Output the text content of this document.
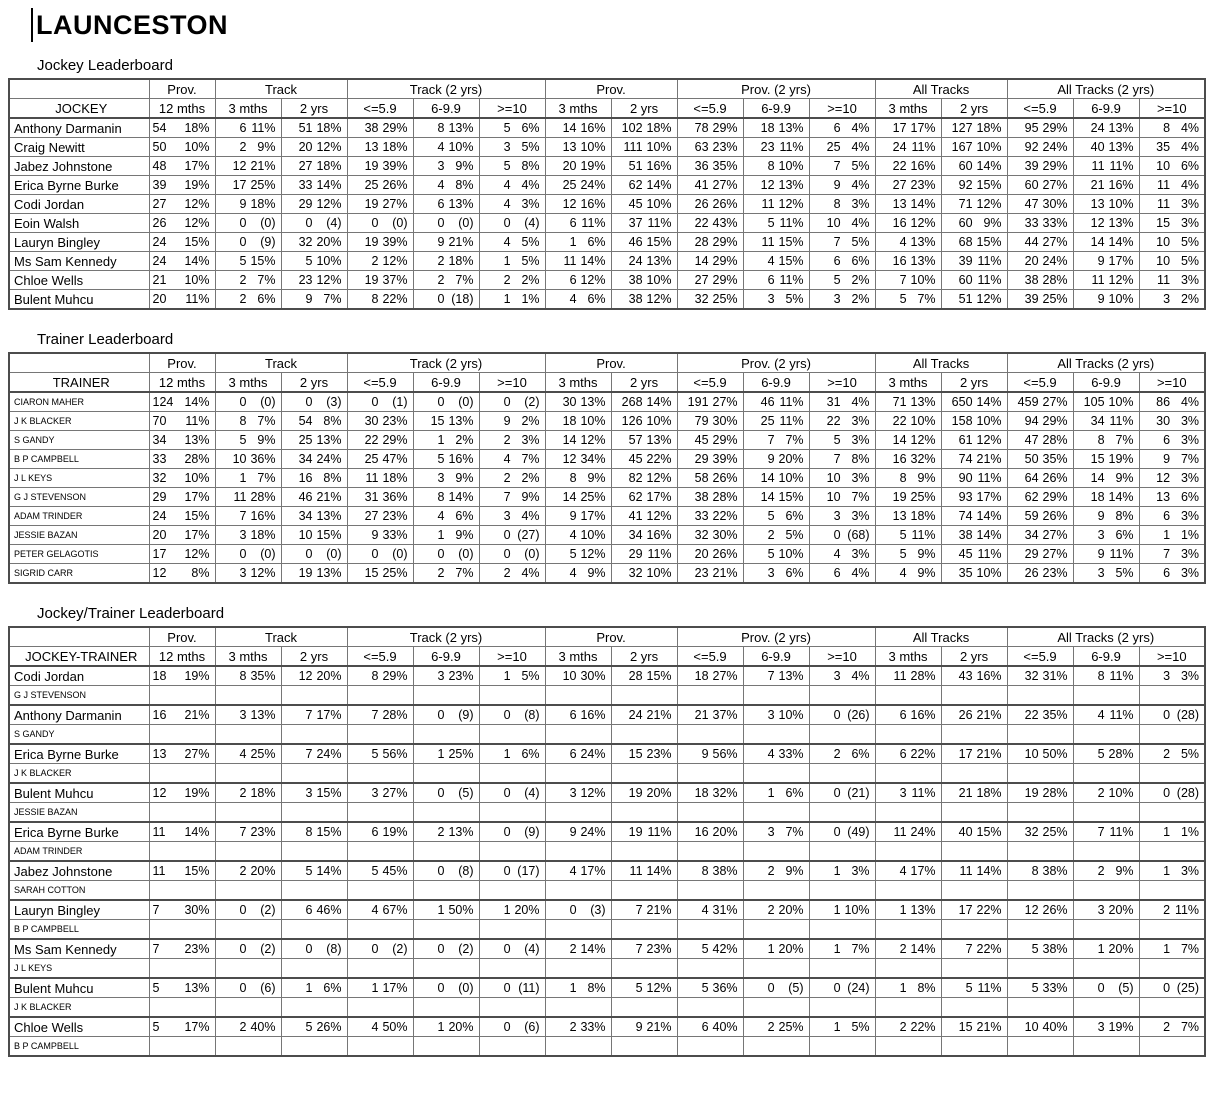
LAUNCESTON
Jockey Leaderboard
	Prov.	Track		Track (2 yrs)			Prov.		Prov. (2 yrs)			All Tracks		All Tracks (2 yrs)		
JOCKEY	12 mths	3 mths	2 yrs	<=5.9	6-9.9	>=10	3 mths	2 yrs	<=5.9	6-9.9	>=10	3 mths	2 yrs	<=5.9	6-9.9	>=10
Anthony Darmanin	54 18%	6 11%	51 18%	38 29%	8 13%	5 6%	14 16%	102 18%	78 29%	18 13%	6 4%	17 17%	127 18%	95 29%	24 13%	8 4%

Craig Newitt	50 10%	2 9%	20 12%	13 18%	4 10%	3 5%	13 10%	111 10%	63 23%	23 11%	25 4%	24 11%	167 10%	92 24%	40 13%	35 4%

Jabez Johnstone	48 17%	12 21%	27 18%	19 39%	3 9%	5 8%	20 19%	51 16%	36 35%	8 10%	7 5%	22 16%	60 14%	39 29%	11 11%	10 6%

Erica Byrne Burke	39 19%	17 25%	33 14%	25 26%	4 8%	4 4%	25 24%	62 14%	41 27%	12 13%	9 4%	27 23%	92 15%	60 27%	21 16%	11 4%

Codi Jordan	27 12%	9 18%	29 12%	19 27%	6 13%	4 3%	12 16%	45 10%	26 26%	11 12%	8 3%	13 14%	71 12%	47 30%	13 10%	11 3%

Eoin Walsh	26 12%	0 (0)	0 (4)	0 (0)	0 (0)	0 (4)	6 11%	37 11%	22 43%	5 11%	10 4%	16 12%	60 9%	33 33%	12 13%	15 3%

Lauryn Bingley	24 15%	0 (9)	32 20%	19 39%	9 21%	4 5%	1 6%	46 15%	28 29%	11 15%	7 5%	4 13%	68 15%	44 27%	14 14%	10 5%

Ms Sam Kennedy	24 14%	5 15%	5 10%	2 12%	2 18%	1 5%	11 14%	24 13%	14 29%	4 15%	6 6%	16 13%	39 11%	20 24%	9 17%	10 5%

Chloe Wells	21 10%	2 7%	23 12%	19 37%	2 7%	2 2%	6 12%	38 10%	27 29%	6 11%	5 2%	7 10%	60 11%	38 28%	11 12%	11 3%

Bulent Muhcu	20 11%	2 6%	9 7%	8 22%	0 (18)	1 1%	4 6%	38 12%	32 25%	3 5%	3 2%	5 7%	51 12%	39 25%	9 10%	3 2%
Trainer Leaderboard
	Prov.	Track		Track (2 yrs)			Prov.		Prov. (2 yrs)			All Tracks		All Tracks (2 yrs)		
TRAINER	12 mths	3 mths	2 yrs	<=5.9	6-9.9	>=10	3 mths	2 yrs	<=5.9	6-9.9	>=10	3 mths	2 yrs	<=5.9	6-9.9	>=10
CIARON MAHER	124 14%	0 (0)	0 (3)	0 (1)	0 (0)	0 (2)	30 13%	268 14%	191 27%	46 11%	31 4%	71 13%	650 14%	459 27%	105 10%	86 4%

J K BLACKER	70 11%	8 7%	54 8%	30 23%	15 13%	9 2%	18 10%	126 10%	79 30%	25 11%	22 3%	22 10%	158 10%	94 29%	34 11%	30 3%

S GANDY	34 13%	5 9%	25 13%	22 29%	1 2%	2 3%	14 12%	57 13%	45 29%	7 7%	5 3%	14 12%	61 12%	47 28%	8 7%	6 3%

B P CAMPBELL	33 28%	10 36%	34 24%	25 47%	5 16%	4 7%	12 34%	45 22%	29 39%	9 20%	7 8%	16 32%	74 21%	50 35%	15 19%	9 7%

J L KEYS	32 10%	1 7%	16 8%	11 18%	3 9%	2 2%	8 9%	82 12%	58 26%	14 10%	10 3%	8 9%	90 11%	64 26%	14 9%	12 3%

G J STEVENSON	29 17%	11 28%	46 21%	31 36%	8 14%	7 9%	14 25%	62 17%	38 28%	14 15%	10 7%	19 25%	93 17%	62 29%	18 14%	13 6%

ADAM TRINDER	24 15%	7 16%	34 13%	27 23%	4 6%	3 4%	9 17%	41 12%	33 22%	5 6%	3 3%	13 18%	74 14%	59 26%	9 8%	6 3%

JESSIE BAZAN	20 17%	3 18%	10 15%	9 33%	1 9%	0 (27)	4 10%	34 16%	32 30%	2 5%	0 (68)	5 11%	38 14%	34 27%	3 6%	1 1%

PETER GELAGOTIS	17 12%	0 (0)	0 (0)	0 (0)	0 (0)	0 (0)	5 12%	29 11%	20 26%	5 10%	4 3%	5 9%	45 11%	29 27%	9 11%	7 3%

SIGRID CARR	12 8%	3 12%	19 13%	15 25%	2 7%	2 4%	4 9%	32 10%	23 21%	3 6%	6 4%	4 9%	35 10%	26 23%	3 5%	6 3%
Jockey/Trainer Leaderboard
	Prov.	Track		Track (2 yrs)			Prov.		Prov. (2 yrs)			All Tracks		All Tracks (2 yrs)		
JOCKEY-TRAINER	12 mths	3 mths	2 yrs	<=5.9	6-9.9	>=10	3 mths	2 yrs	<=5.9	6-9.9	>=10	3 mths	2 yrs	<=5.9	6-9.9	>=10
Codi Jordan	18 19%	8 35%	12 20%	8 29%	3 23%	1 5%	10 30%	28 15%	18 27%	7 13%	3 4%	11 28%	43 16%	32 31%	8 11%	3 3%

G J STEVENSON																
Anthony Darmanin	16 21%	3 13%	7 17%	7 28%	0 (9)	0 (8)	6 16%	24 21%	21 37%	3 10%	0 (26)	6 16%	26 21%	22 35%	4 11%	0 (28)

S GANDY																
Erica Byrne Burke	13 27%	4 25%	7 24%	5 56%	1 25%	1 6%	6 24%	15 23%	9 56%	4 33%	2 6%	6 22%	17 21%	10 50%	5 28%	2 5%

J K BLACKER																
Bulent Muhcu	12 19%	2 18%	3 15%	3 27%	0 (5)	0 (4)	3 12%	19 20%	18 32%	1 6%	0 (21)	3 11%	21 18%	19 28%	2 10%	0 (28)

JESSIE BAZAN																
Erica Byrne Burke	11 14%	7 23%	8 15%	6 19%	2 13%	0 (9)	9 24%	19 11%	16 20%	3 7%	0 (49)	11 24%	40 15%	32 25%	7 11%	1 1%

ADAM TRINDER																
Jabez Johnstone	11 15%	2 20%	5 14%	5 45%	0 (8)	0 (17)	4 17%	11 14%	8 38%	2 9%	1 3%	4 17%	11 14%	8 38%	2 9%	1 3%

SARAH COTTON																
Lauryn Bingley	7 30%	0 (2)	6 46%	4 67%	1 50%	1 20%	0 (3)	7 21%	4 31%	2 20%	1 10%	1 13%	17 22%	12 26%	3 20%	2 11%

B P CAMPBELL																
Ms Sam Kennedy	7 23%	0 (2)	0 (8)	0 (2)	0 (2)	0 (4)	2 14%	7 23%	5 42%	1 20%	1 7%	2 14%	7 22%	5 38%	1 20%	1 7%

J L KEYS																
Bulent Muhcu	5 13%	0 (6)	1 6%	1 17%	0 (0)	0 (11)	1 8%	5 12%	5 36%	0 (5)	0 (24)	1 8%	5 11%	5 33%	0 (5)	0 (25)

J K BLACKER																
Chloe Wells	5 17%	2 40%	5 26%	4 50%	1 20%	0 (6)	2 33%	9 21%	6 40%	2 25%	1 5%	2 22%	15 21%	10 40%	3 19%	2 7%

B P CAMPBELL																
